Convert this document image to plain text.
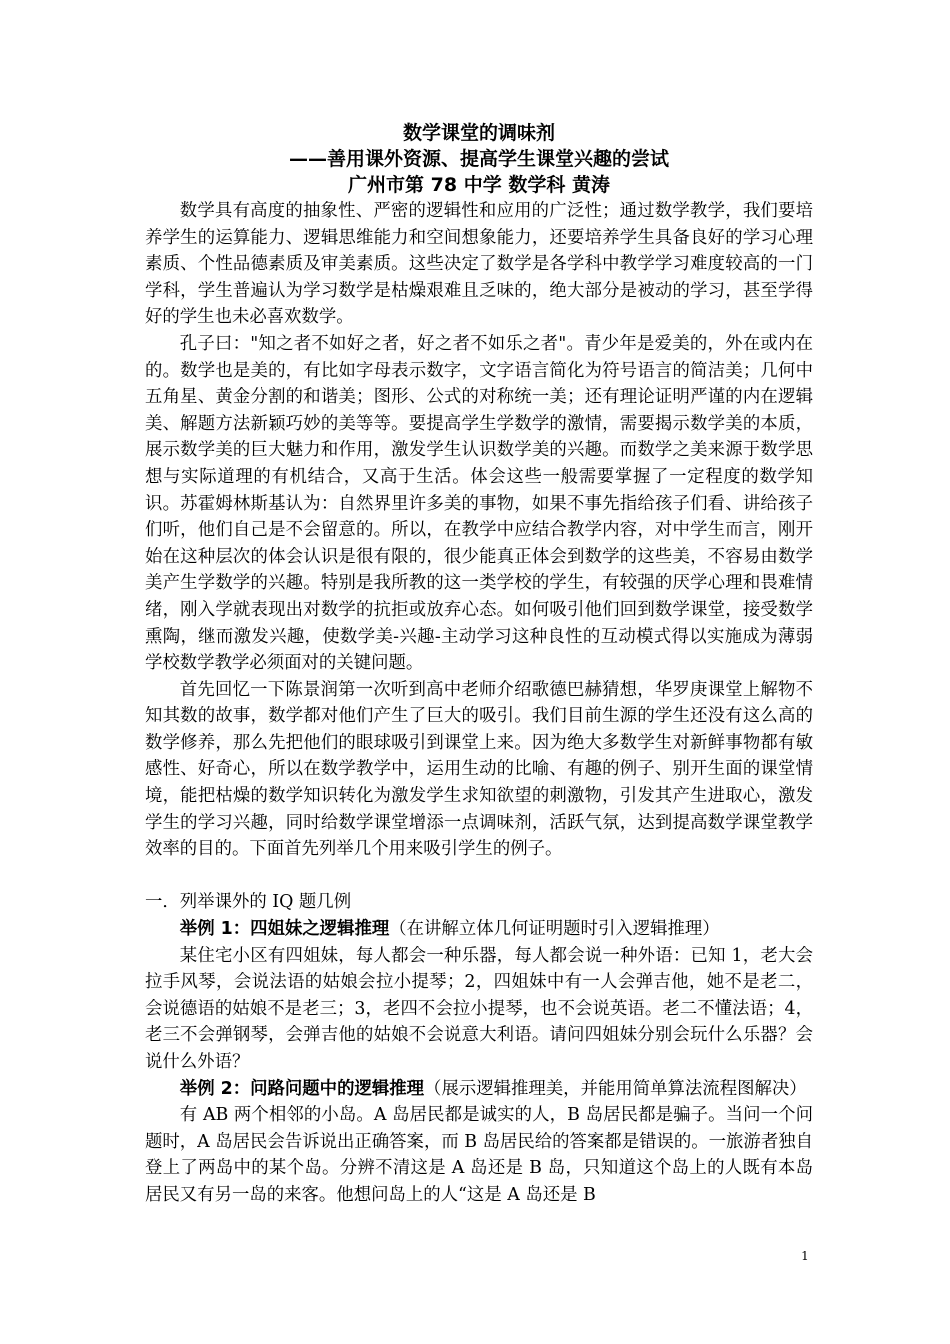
数学课堂的调味剂
——善用课外资源、提高学生课堂兴趣的尝试
广州市第 78 中学 数学科 黄涛

数学具有高度的抽象性、严密的逻辑性和应用的广泛性；通过数学教学，我们要培养学生的运算能力、逻辑思维能力和空间想象能力，还要培养学生具备良好的学习心理素质、个性品德素质及审美素质。这些决定了数学是各学科中教学学习难度较高的一门学科，学生普遍认为学习数学是枯燥艰难且乏味的，绝大部分是被动的学习，甚至学得好的学生也未必喜欢数学。

孔子曰："知之者不如好之者，好之者不如乐之者"。青少年是爱美的，外在或内在的。数学也是美的，有比如字母表示数字，文字语言简化为符号语言的简洁美；几何中五角星、黄金分割的和谐美；图形、公式的对称统一美；还有理论证明严谨的内在逻辑美、解题方法新颖巧妙的美等等。要提高学生学数学的激情，需要揭示数学美的本质，展示数学美的巨大魅力和作用，激发学生认识数学美的兴趣。而数学之美来源于数学思想与实际道理的有机结合，又高于生活。体会这些一般需要掌握了一定程度的数学知识。苏霍姆林斯基认为：自然界里许多美的事物，如果不事先指给孩子们看、讲给孩子们听，他们自己是不会留意的。所以，在教学中应结合教学内容，对中学生而言，刚开始在这种层次的体会认识是很有限的，很少能真正体会到数学的这些美，不容易由数学美产生学数学的兴趣。特别是我所教的这一类学校的学生，有较强的厌学心理和畏难情绪，刚入学就表现出对数学的抗拒或放弃心态。如何吸引他们回到数学课堂，接受数学熏陶，继而激发兴趣，使数学美-兴趣-主动学习这种良性的互动模式得以实施成为薄弱学校数学教学必须面对的关键问题。

首先回忆一下陈景润第一次听到高中老师介绍歌德巴赫猜想，华罗庚课堂上解物不知其数的故事，数学都对他们产生了巨大的吸引。我们目前生源的学生还没有这么高的数学修养，那么先把他们的眼球吸引到课堂上来。因为绝大多数学生对新鲜事物都有敏感性、好奇心，所以在数学教学中，运用生动的比喻、有趣的例子、别开生面的课堂情境，能把枯燥的数学知识转化为激发学生求知欲望的刺激物，引发其产生进取心，激发学生的学习兴趣，同时给数学课堂增添一点调味剂，活跃气氛，达到提高数学课堂教学效率的目的。下面首先列举几个用来吸引学生的例子。

一．列举课外的 IQ 题几例

举例 1：四姐妹之逻辑推理（在讲解立体几何证明题时引入逻辑推理）

某住宅小区有四姐妹，每人都会一种乐器，每人都会说一种外语：已知 1，老大会拉手风琴，会说法语的姑娘会拉小提琴；2，四姐妹中有一人会弹吉他，她不是老二，会说德语的姑娘不是老三；3，老四不会拉小提琴，也不会说英语。老二不懂法语；4，老三不会弹钢琴，会弹吉他的姑娘不会说意大利语。请问四姐妹分别会玩什么乐器？会说什么外语？

举例 2：问路问题中的逻辑推理（展示逻辑推理美，并能用简单算法流程图解决）

有 AB 两个相邻的小岛。A 岛居民都是诚实的人，B 岛居民都是骗子。当问一个问题时，A 岛居民会告诉说出正确答案，而 B 岛居民给的答案都是错误的。一旅游者独自登上了两岛中的某个岛。分辨不清这是 A 岛还是 B 岛，只知道这个岛上的人既有本岛居民又有另一岛的来客。他想问岛上的人“这是 A 岛还是 B

1
